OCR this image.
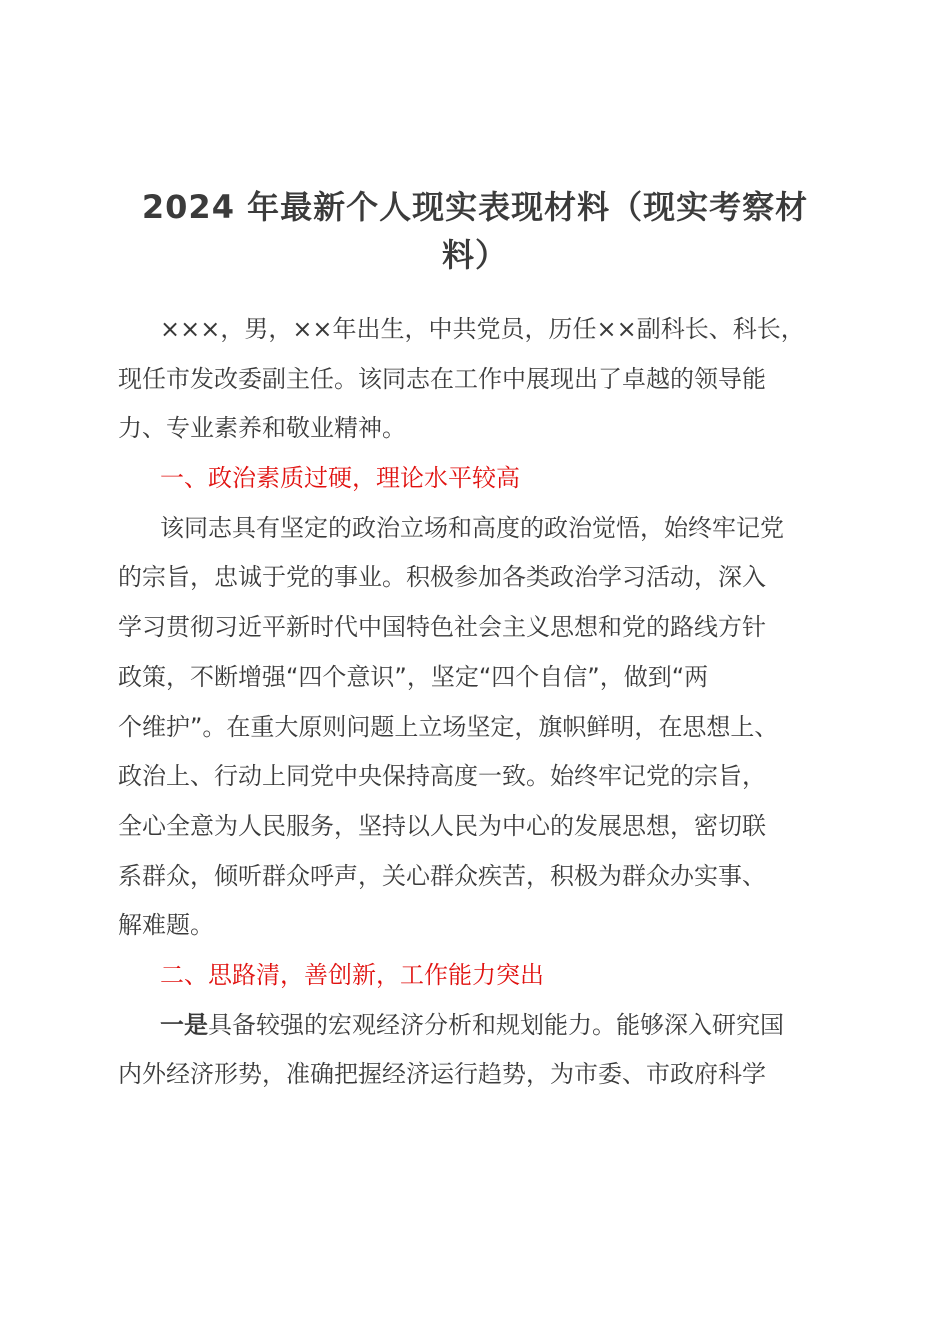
2024 年最新个人现实表现材料（现实考察材
料）
×××，男，××年出生，中共党员，历任××副科长、科长，
现任市发改委副主任。该同志在工作中展现出了卓越的领导能
力、专业素养和敬业精神。
一、政治素质过硬，理论水平较高
该同志具有坚定的政治立场和高度的政治觉悟，始终牢记党
的宗旨，忠诚于党的事业。积极参加各类政治学习活动，深入
学习贯彻习近平新时代中国特色社会主义思想和党的路线方针
政策，不断增强“四个意识”，坚定“四个自信”，做到“两
个维护”。在重大原则问题上立场坚定，旗帜鲜明，在思想上、
政治上、行动上同党中央保持高度一致。始终牢记党的宗旨，
全心全意为人民服务，坚持以人民为中心的发展思想，密切联
系群众，倾听群众呼声，关心群众疾苦，积极为群众办实事、
解难题。
二、思路清，善创新，工作能力突出
一是具备较强的宏观经济分析和规划能力。能够深入研究国
内外经济形势，准确把握经济运行趋势，为市委、市政府科学
